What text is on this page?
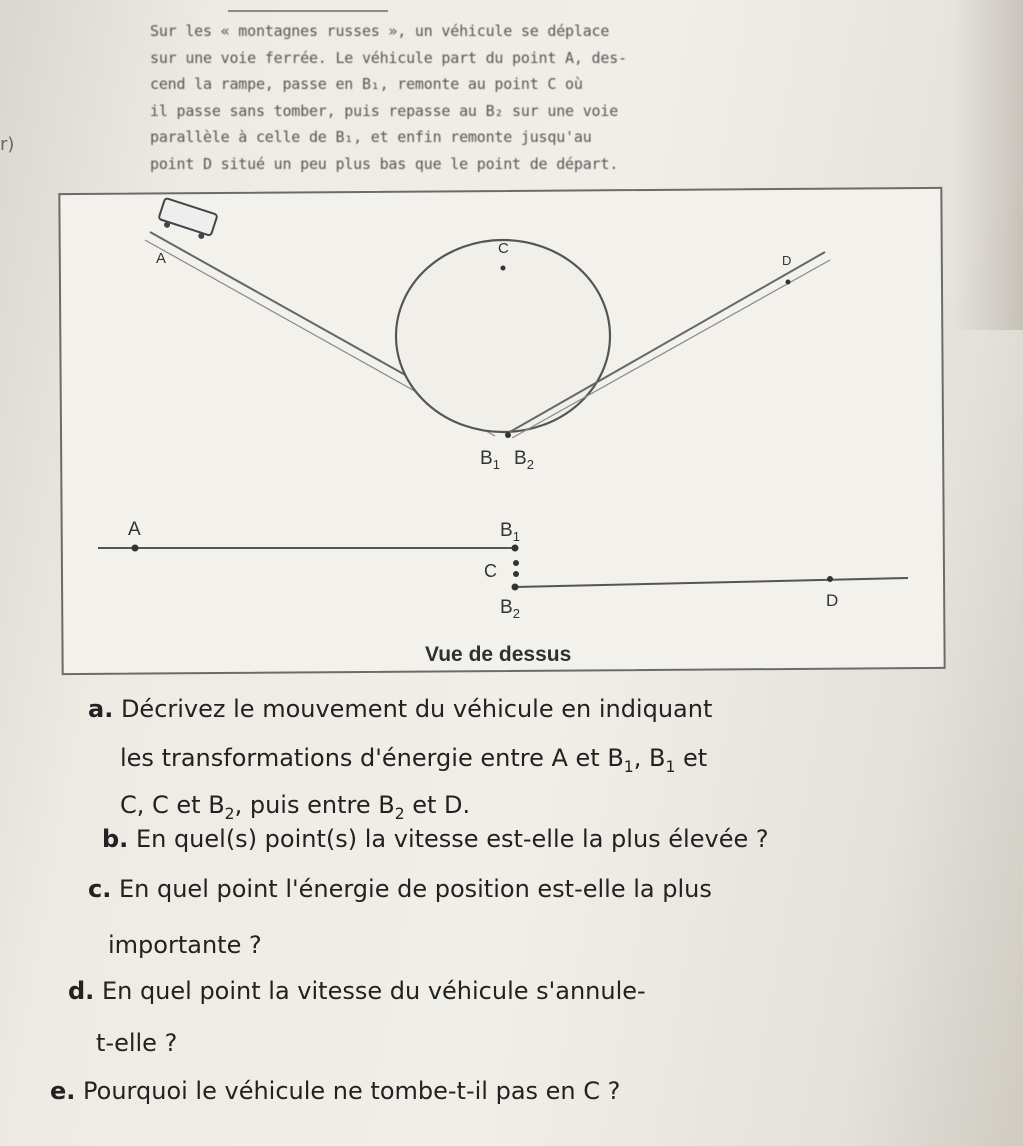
r)
Sur les « montagnes russes », un véhicule se déplace
sur une voie ferrée. Le véhicule part du point A, des-
cend la rampe, passe en B₁, remonte au point C où
il passe sans tomber, puis repasse au B₂ sur une voie
parallèle à celle de B₁, et enfin remonte jusqu'au
point D situé un peu plus bas que le point de départ.
A
C
D
$B_1$ $B_2$
A	$B_1$
C
$B_2$
D
Vue de dessus
a. Décrivez le mouvement du véhicule en indiquant
les transformations d'énergie entre A et $B_1$, $B_1$ et
C, C et $B_2$, puis entre $B_2$ et D.
b. En quel(s) point(s) la vitesse est-elle la plus élevée ?
c. En quel point l'énergie de position est-elle la plus
importante ?
d. En quel point la vitesse du véhicule s'annule-
t-elle ?
e. Pourquoi le véhicule ne tombe-t-il pas en C ?
